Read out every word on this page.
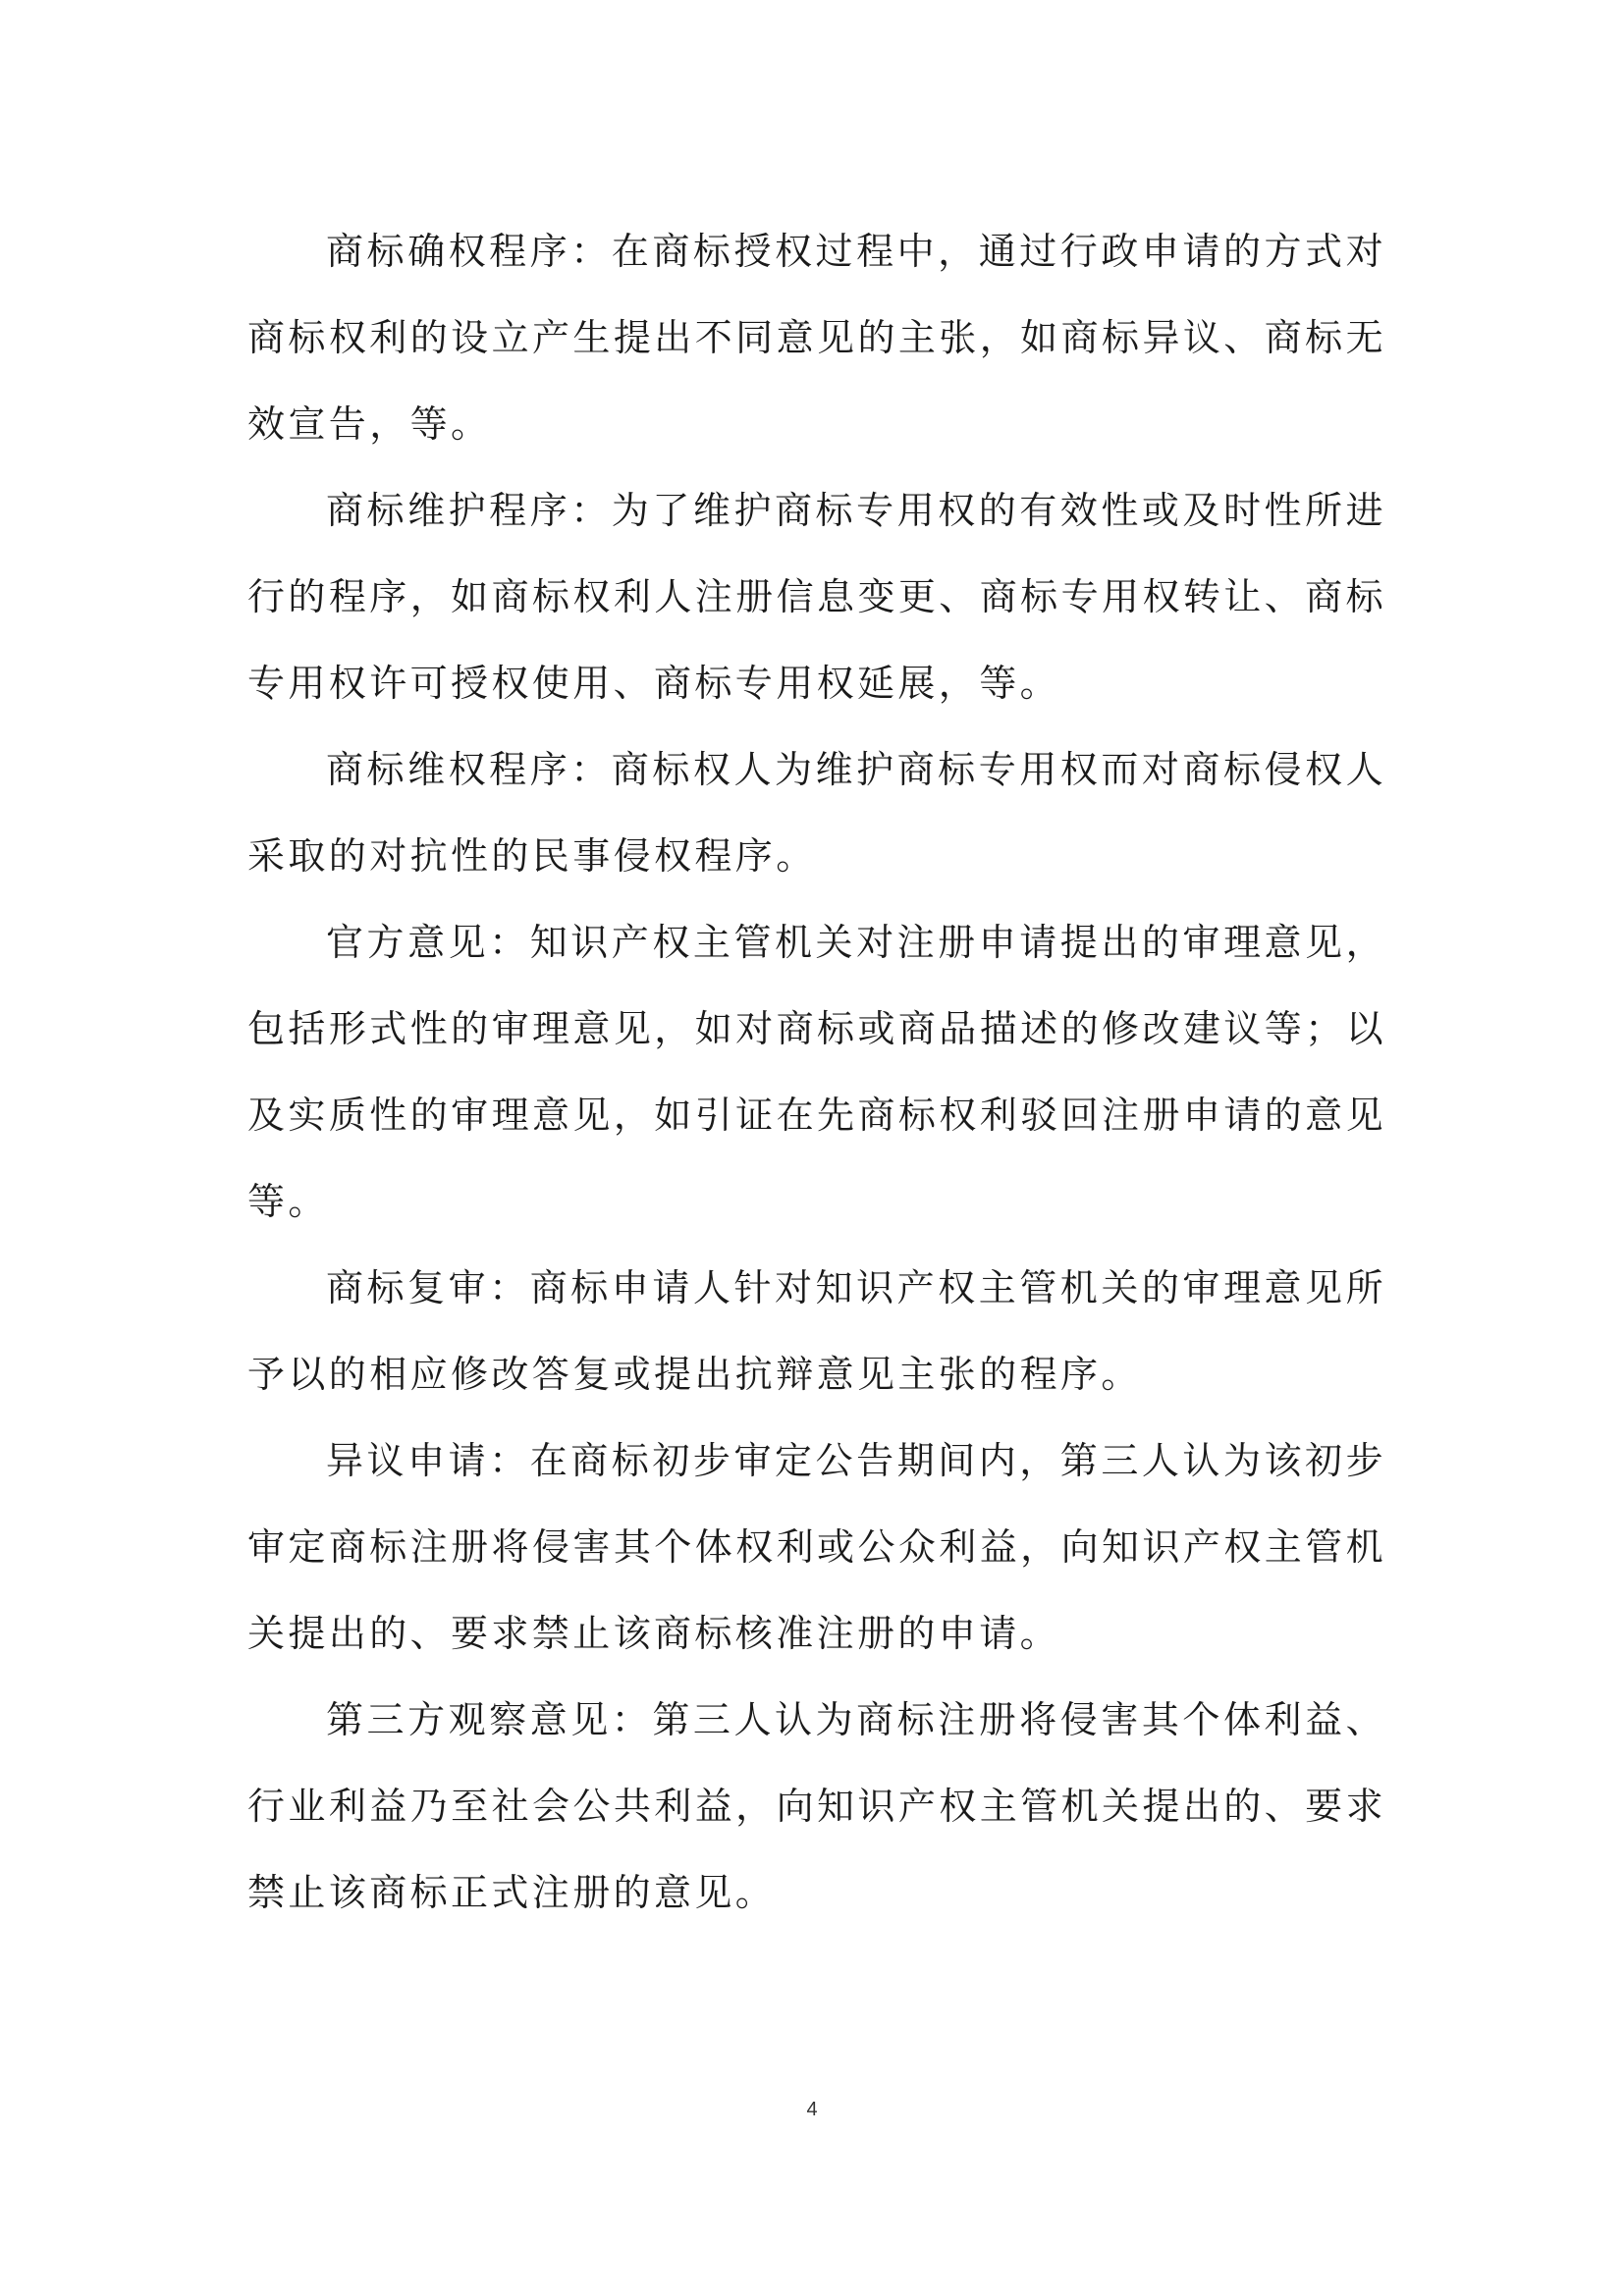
商标确权程序：在商标授权过程中，通过行政申请的方式对商标权利的设立产生提出不同意见的主张，如商标异议、商标无效宣告，等。

商标维护程序：为了维护商标专用权的有效性或及时性所进行的程序，如商标权利人注册信息变更、商标专用权转让、商标专用权许可授权使用、商标专用权延展，等。

商标维权程序：商标权人为维护商标专用权而对商标侵权人采取的对抗性的民事侵权程序。

官方意见：知识产权主管机关对注册申请提出的审理意见，包括形式性的审理意见，如对商标或商品描述的修改建议等；以及实质性的审理意见，如引证在先商标权利驳回注册申请的意见等。

商标复审：商标申请人针对知识产权主管机关的审理意见所予以的相应修改答复或提出抗辩意见主张的程序。

异议申请：在商标初步审定公告期间内，第三人认为该初步审定商标注册将侵害其个体权利或公众利益，向知识产权主管机关提出的、要求禁止该商标核准注册的申请。

第三方观察意见：第三人认为商标注册将侵害其个体利益、行业利益乃至社会公共利益，向知识产权主管机关提出的、要求禁止该商标正式注册的意见。

4
